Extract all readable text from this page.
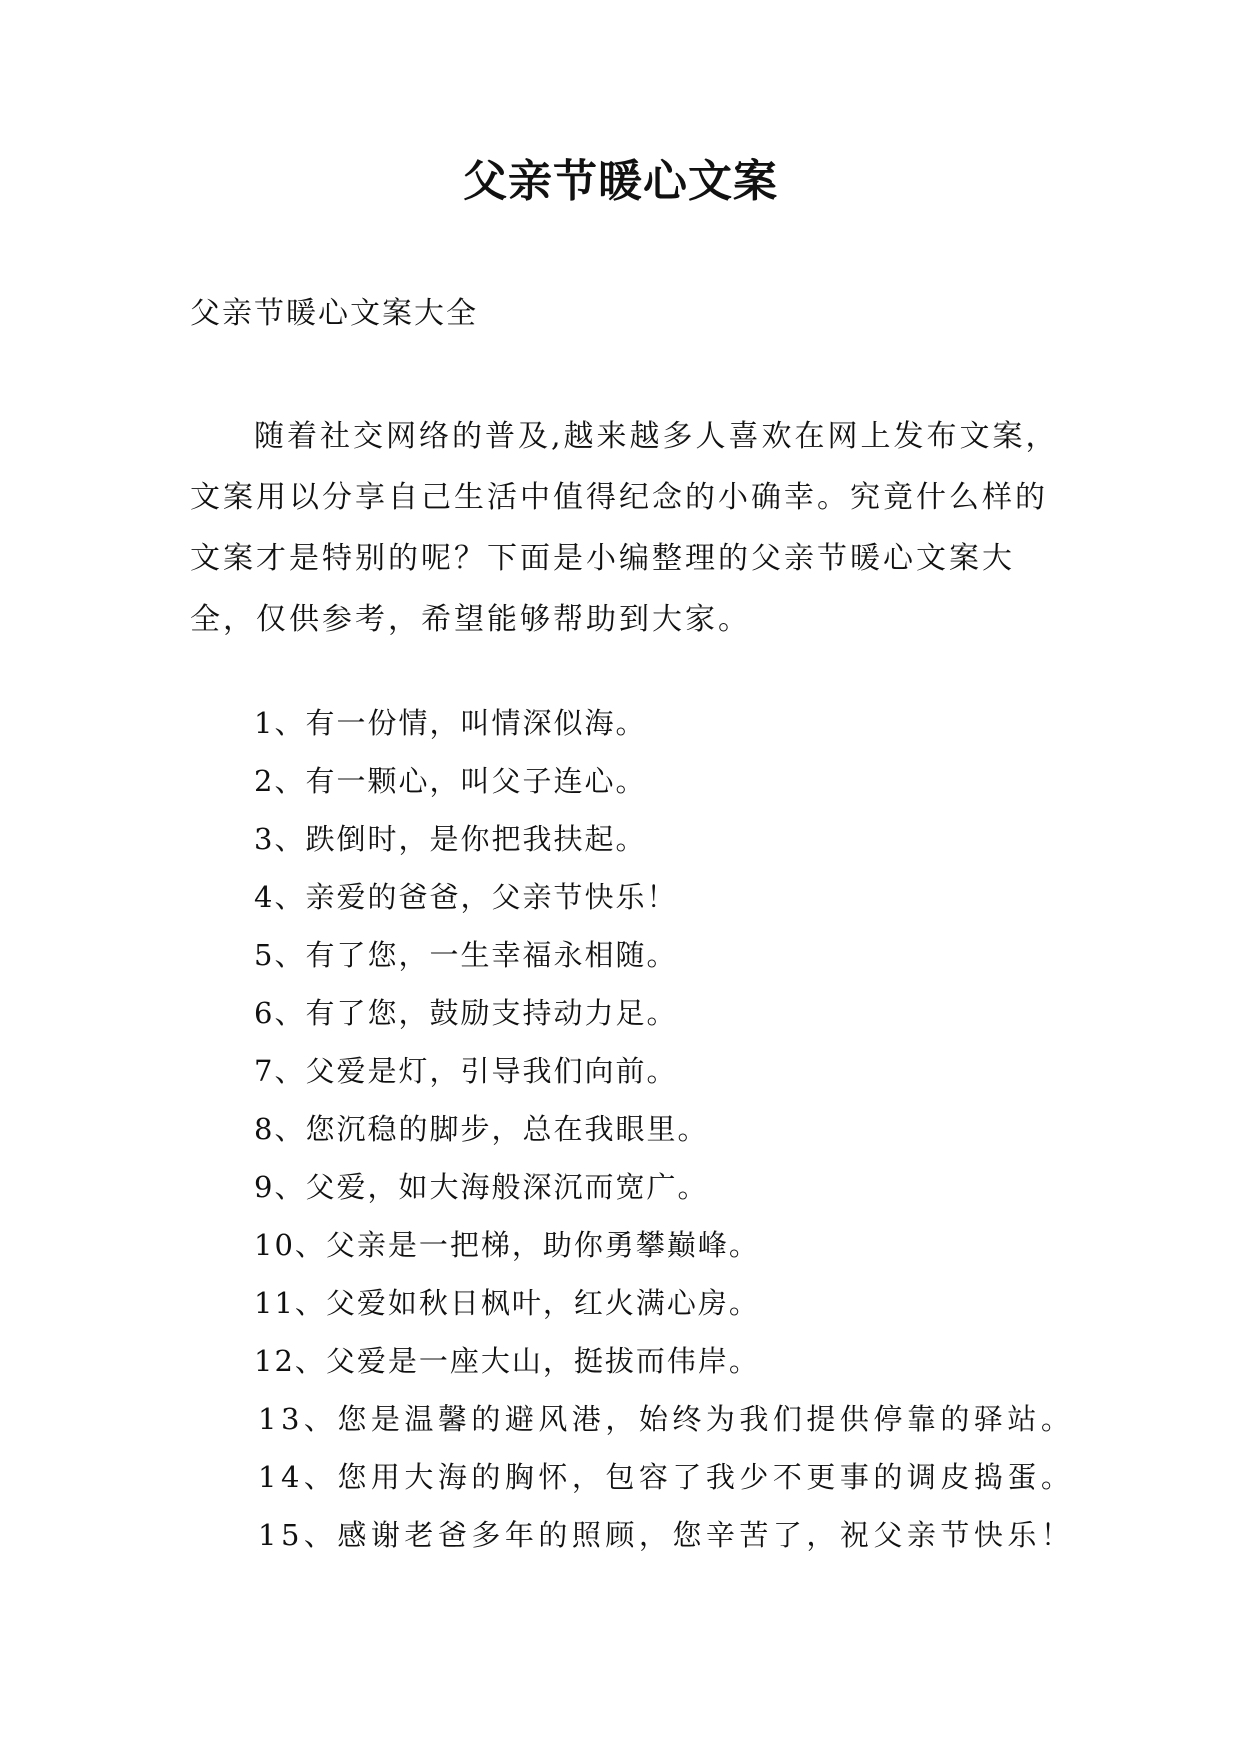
父亲节暖心文案
父亲节暖心文案大全

随着社交网络的普及,越来越多人喜欢在网上发布文案，文案用以分享自己生活中值得纪念的小确幸。究竟什么样的文案才是特别的呢？下面是小编整理的父亲节暖心文案大全，仅供参考，希望能够帮助到大家。

1、有一份情，叫情深似海。
2、有一颗心，叫父子连心。
3、跌倒时，是你把我扶起。
4、亲爱的爸爸，父亲节快乐！
5、有了您，一生幸福永相随。
6、有了您，鼓励支持动力足。
7、父爱是灯，引导我们向前。
8、您沉稳的脚步，总在我眼里。
9、父爱，如大海般深沉而宽广。
10、父亲是一把梯，助你勇攀巅峰。
11、父爱如秋日枫叶，红火满心房。
12、父爱是一座大山，挺拔而伟岸。
13、您是温馨的避风港，始终为我们提供停靠的驿站。
14、您用大海的胸怀，包容了我少不更事的调皮捣蛋。
15、感谢老爸多年的照顾，您辛苦了，祝父亲节快乐！
